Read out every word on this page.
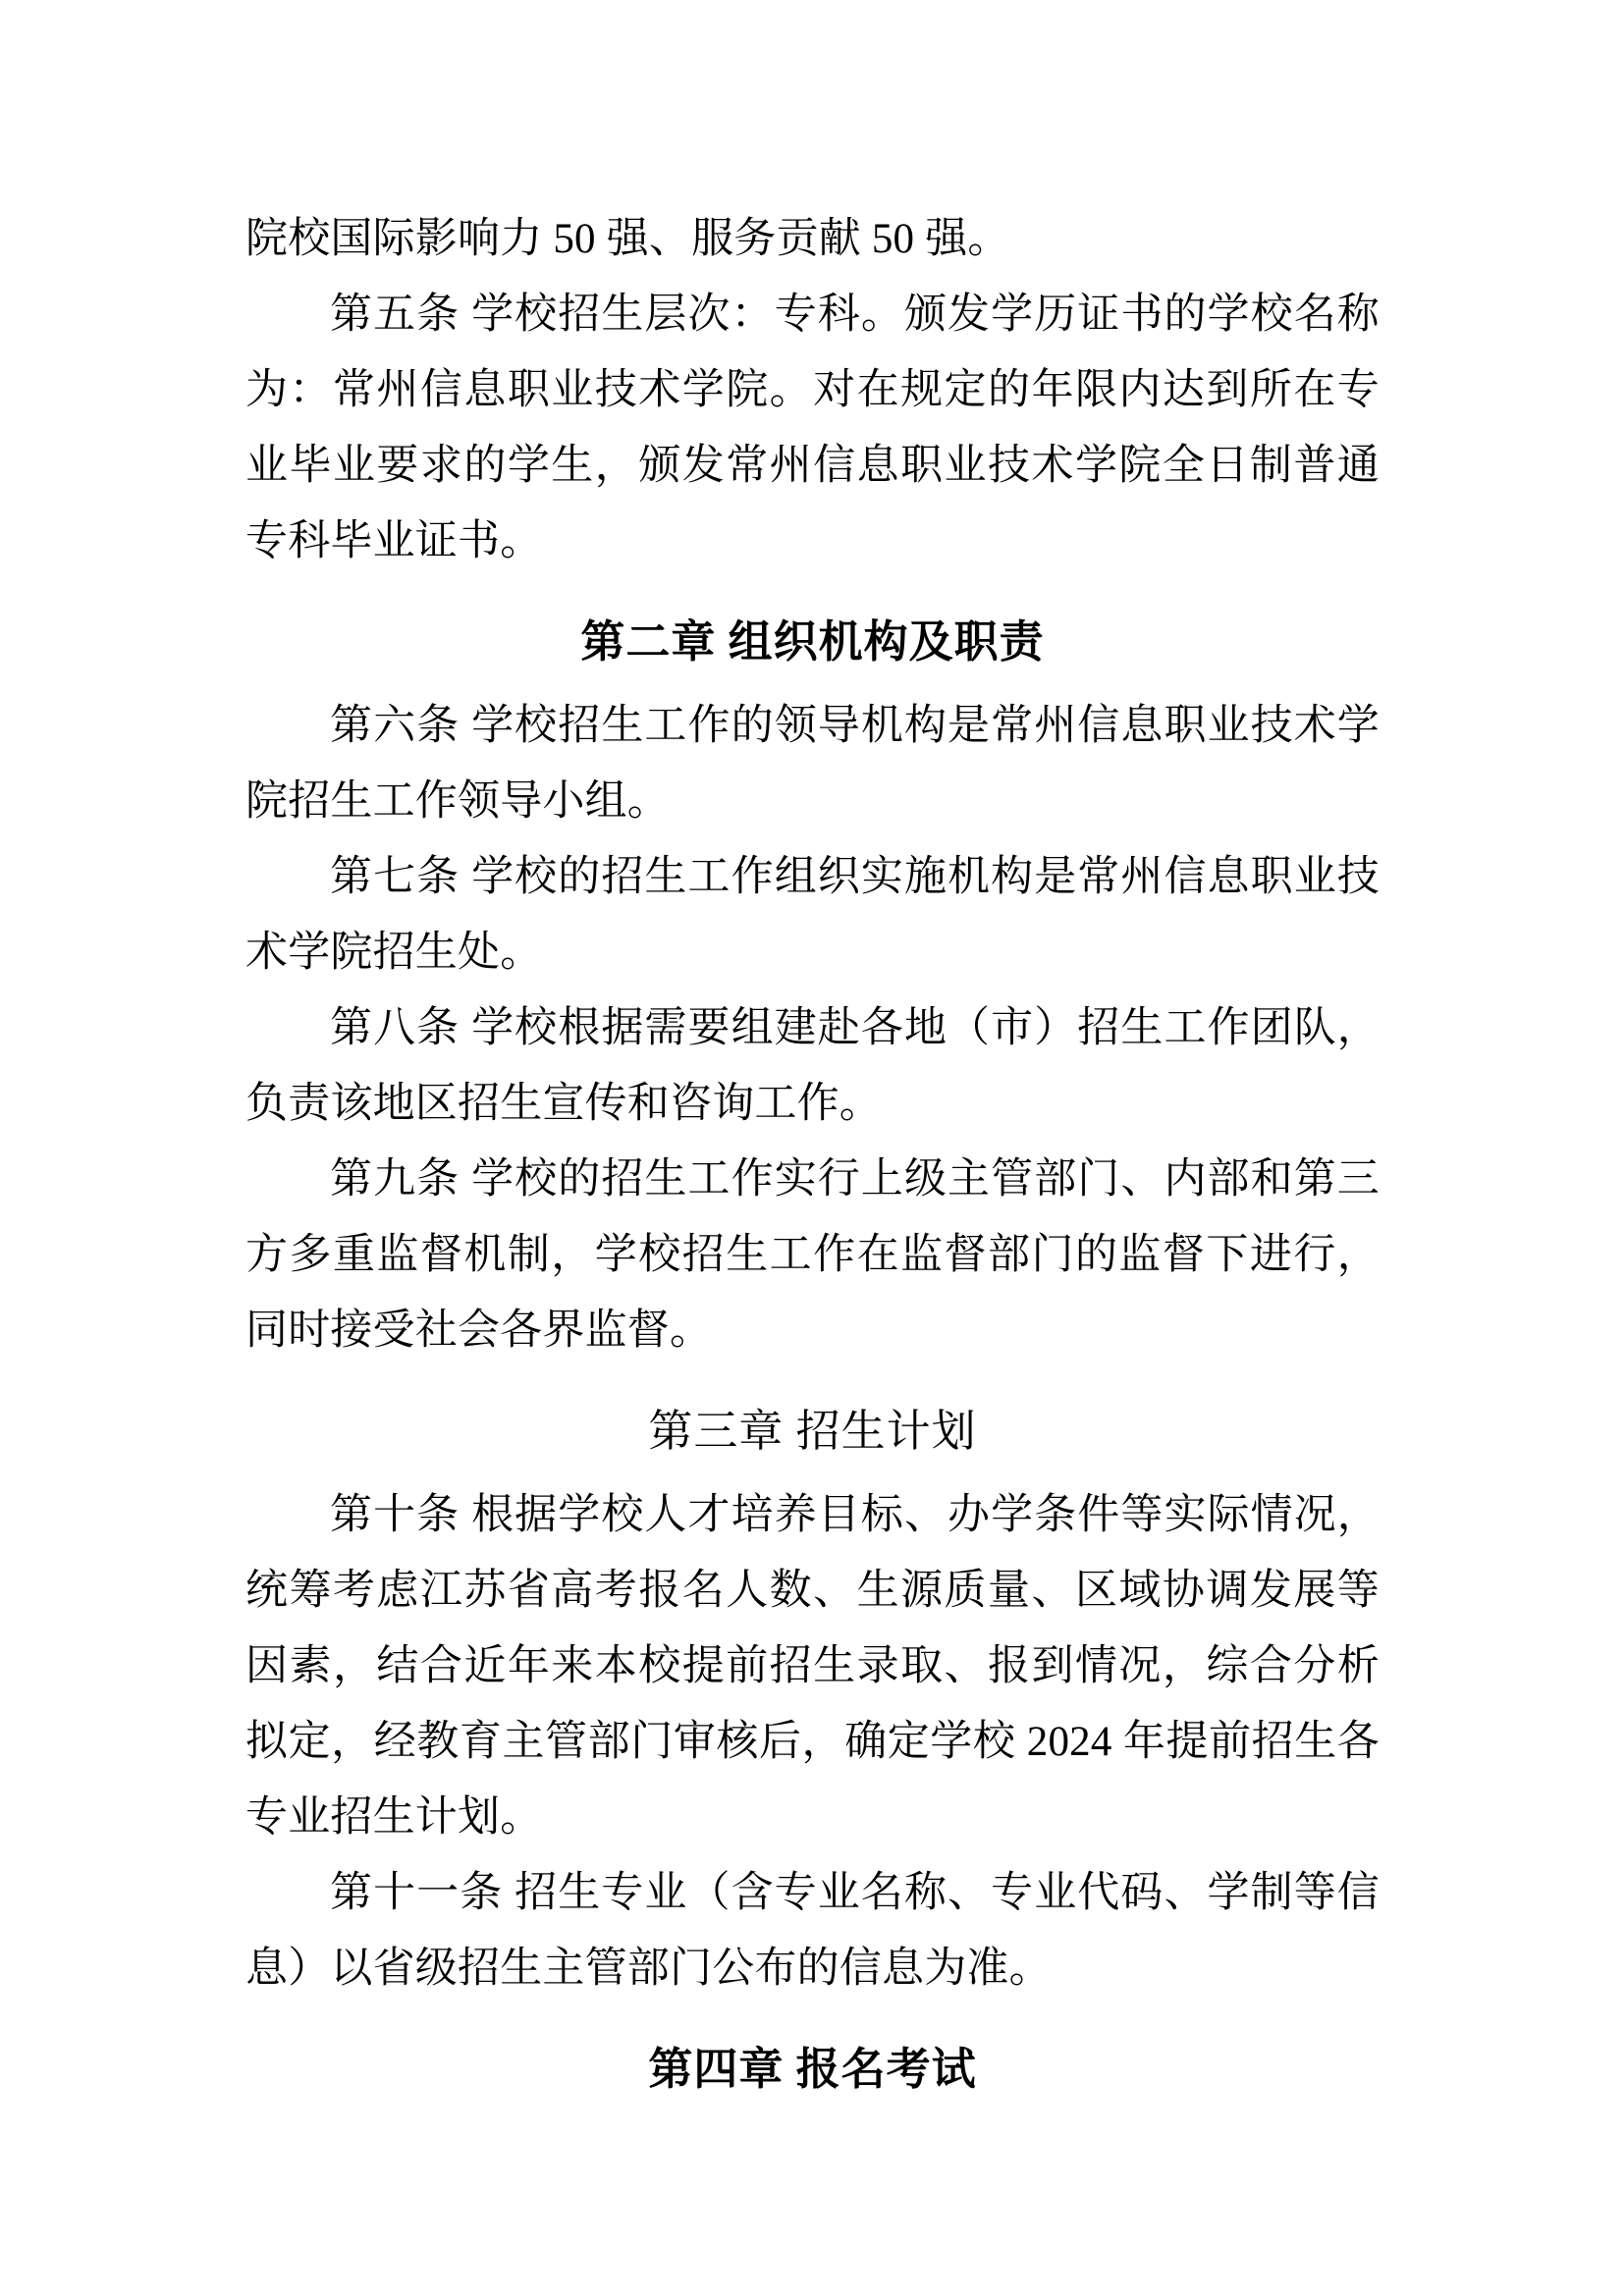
院校国际影响力 50 强、服务贡献 50 强。

第五条 学校招生层次：专科。颁发学历证书的学校名称为：常州信息职业技术学院。对在规定的年限内达到所在专业毕业要求的学生，颁发常州信息职业技术学院全日制普通专科毕业证书。

第二章 组织机构及职责

第六条 学校招生工作的领导机构是常州信息职业技术学院招生工作领导小组。

第七条 学校的招生工作组织实施机构是常州信息职业技术学院招生处。

第八条 学校根据需要组建赴各地（市）招生工作团队，负责该地区招生宣传和咨询工作。

第九条 学校的招生工作实行上级主管部门、内部和第三方多重监督机制，学校招生工作在监督部门的监督下进行，同时接受社会各界监督。

第三章 招生计划

第十条 根据学校人才培养目标、办学条件等实际情况，统筹考虑江苏省高考报名人数、生源质量、区域协调发展等因素，结合近年来本校提前招生录取、报到情况，综合分析拟定，经教育主管部门审核后，确定学校 2024 年提前招生各专业招生计划。

第十一条 招生专业（含专业名称、专业代码、学制等信息）以省级招生主管部门公布的信息为准。

第四章 报名考试
